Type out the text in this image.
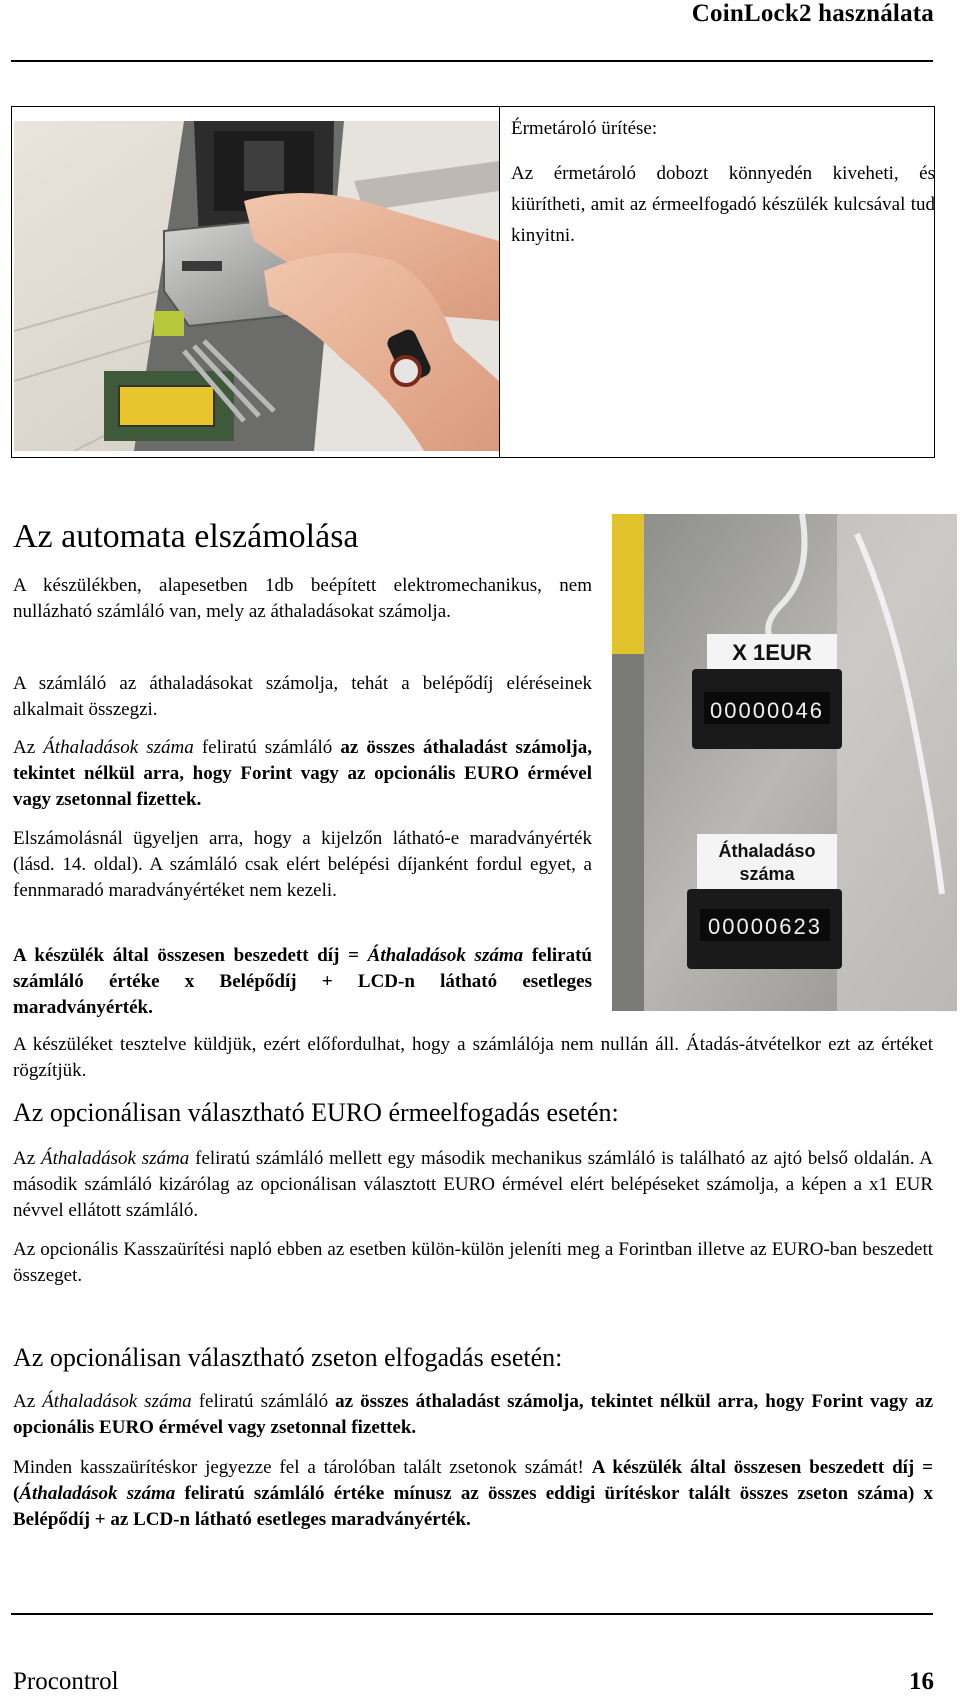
CoinLock2 használata

Érmetároló ürítése:

Az érmetároló dobozt könnyedén kiveheti, és kiürítheti, amit az érmeelfogadó készülék kulcsával tud kinyitni.

X 1EUR
00000046
Áthaladáso
száma
00000623
Az automata elszámolása

A készülékben, alapesetben 1db beépített elektromechanikus, nem nullázható számláló van, mely az áthaladásokat számolja.

A számláló az áthaladásokat számolja, tehát a belépődíj eléréseinek alkalmait összegzi.

Az Áthaladások száma feliratú számláló az összes áthaladást számolja, tekintet nélkül arra, hogy Forint vagy az opcionális EURO érmével vagy zsetonnal fizettek.

Elszámolásnál ügyeljen arra, hogy a kijelzőn látható-e maradványérték (lásd. 14. oldal). A számláló csak elért belépési díjanként fordul egyet, a fennmaradó maradványértéket nem kezeli.

A készülék által összesen beszedett díj = Áthaladások száma feliratú számláló értéke x Belépődíj + LCD-n látható esetleges maradványérték.

A készüléket tesztelve küldjük, ezért előfordulhat, hogy a számlálója nem nullán áll. Átadás-átvételkor ezt az értéket rögzítjük.

Az opcionálisan választható EURO érmeelfogadás esetén:

Az Áthaladások száma feliratú számláló mellett egy második mechanikus számláló is található az ajtó belső oldalán. A második számláló kizárólag az opcionálisan választott EURO érmével elért belépéseket számolja, a képen a x1 EUR névvel ellátott számláló.

Az opcionális Kasszaürítési napló ebben az esetben külön-külön jeleníti meg a Forintban illetve az EURO-ban beszedett összeget.

Az opcionálisan választható zseton elfogadás esetén:

Az Áthaladások száma feliratú számláló az összes áthaladást számolja, tekintet nélkül arra, hogy Forint vagy az opcionális EURO érmével vagy zsetonnal fizettek.

Minden kasszaürítéskor jegyezze fel a tárolóban talált zsetonok számát! A készülék által összesen beszedett díj = (Áthaladások száma feliratú számláló értéke mínusz az összes eddigi ürítéskor talált összes zseton száma) x Belépődíj + az LCD-n látható esetleges maradványérték.

Procontrol	16
